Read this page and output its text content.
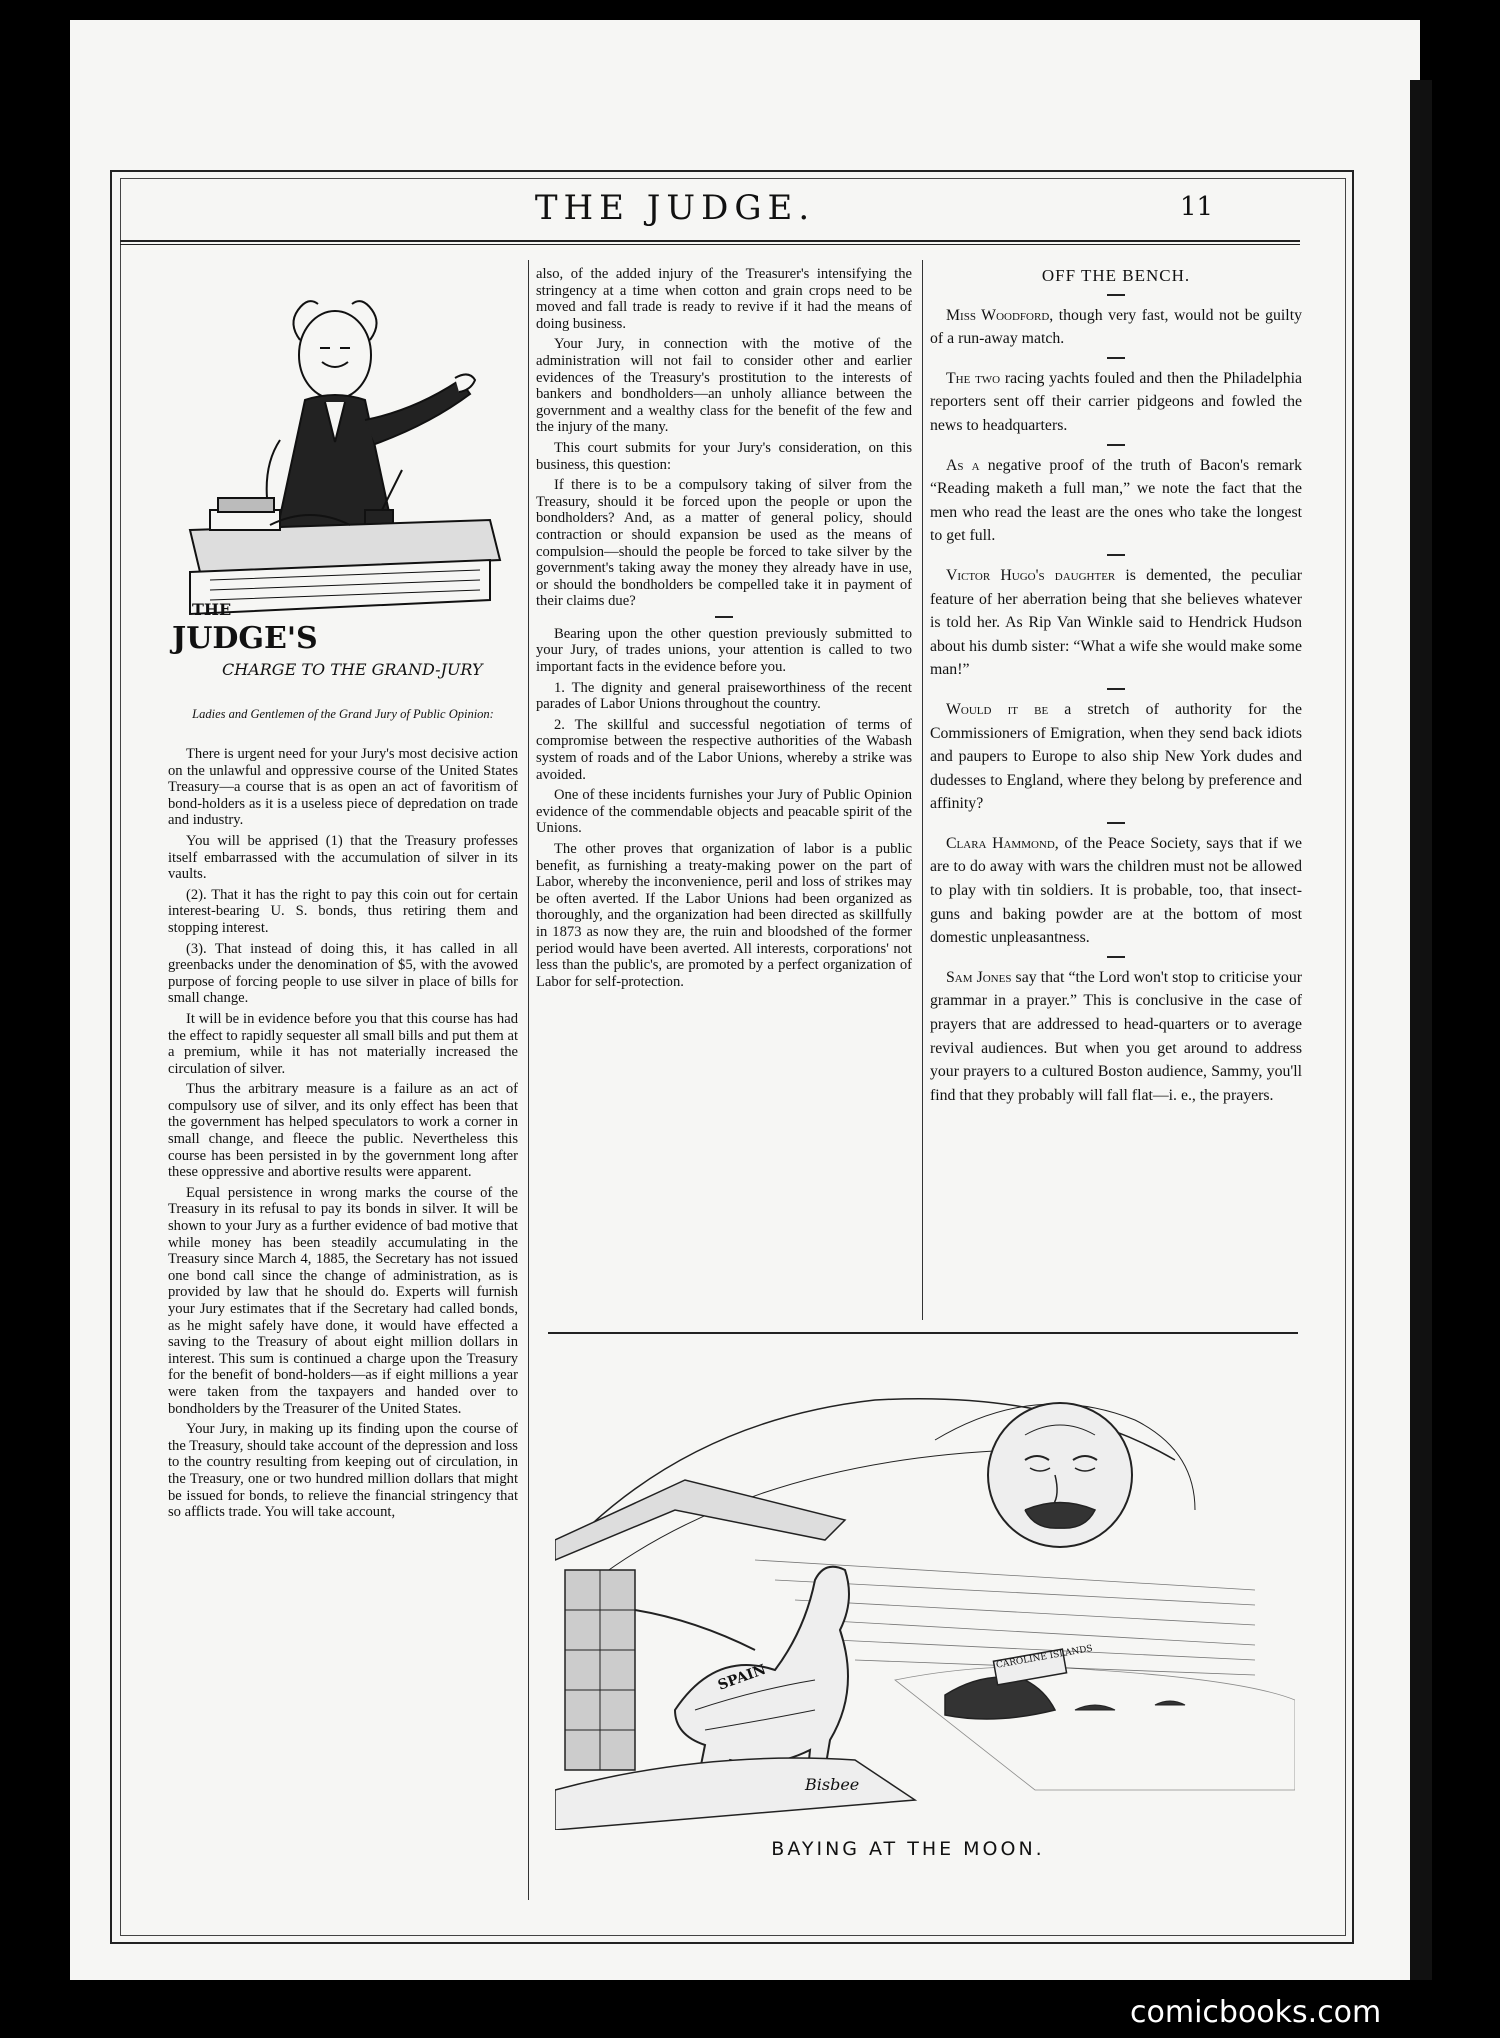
THE JUDGE.	11
THE
JUDGE'S
CHARGE TO THE GRAND-JURY

Ladies and Gentlemen of the Grand Jury of Public Opinion:

There is urgent need for your Jury's most decisive action on the unlawful and oppressive course of the United States Treasury—a course that is as open an act of favoritism of bond-holders as it is a useless piece of depredation on trade and industry.

You will be apprised (1) that the Treasury professes itself embarrassed with the accumulation of silver in its vaults.

(2). That it has the right to pay this coin out for certain interest-bearing U. S. bonds, thus retiring them and stopping interest.

(3). That instead of doing this, it has called in all greenbacks under the denomination of $5, with the avowed purpose of forcing people to use silver in place of bills for small change.

It will be in evidence before you that this course has had the effect to rapidly sequester all small bills and put them at a premium, while it has not materially increased the circulation of silver.

Thus the arbitrary measure is a failure as an act of compulsory use of silver, and its only effect has been that the government has helped speculators to work a corner in small change, and fleece the public. Nevertheless this course has been persisted in by the government long after these oppressive and abortive results were apparent.

Equal persistence in wrong marks the course of the Treasury in its refusal to pay its bonds in silver. It will be shown to your Jury as a further evidence of bad motive that while money has been steadily accumulating in the Treasury since March 4, 1885, the Secretary has not issued one bond call since the change of administration, as is provided by law that he should do. Experts will furnish your Jury estimates that if the Secretary had called bonds, as he might safely have done, it would have effected a saving to the Treasury of about eight million dollars in interest. This sum is continued a charge upon the Treasury for the benefit of bond-holders—as if eight millions a year were taken from the taxpayers and handed over to bondholders by the Treasurer of the United States.

Your Jury, in making up its finding upon the course of the Treasury, should take account of the depression and loss to the country resulting from keeping out of circulation, in the Treasury, one or two hundred million dollars that might be issued for bonds, to relieve the financial stringency that so afflicts trade. You will take account,

also, of the added injury of the Treasurer's intensifying the stringency at a time when cotton and grain crops need to be moved and fall trade is ready to revive if it had the means of doing business.

Your Jury, in connection with the motive of the administration will not fail to consider other and earlier evidences of the Treasury's prostitution to the interests of bankers and bondholders—an unholy alliance between the government and a wealthy class for the benefit of the few and the injury of the many.

This court submits for your Jury's consideration, on this business, this question:

If there is to be a compulsory taking of silver from the Treasury, should it be forced upon the people or upon the bondholders? And, as a matter of general policy, should contraction or should expansion be used as the means of compulsion—should the people be forced to take silver by the government's taking away the money they already have in use, or should the bondholders be compelled take it in payment of their claims due?

Bearing upon the other question previously submitted to your Jury, of trades unions, your attention is called to two important facts in the evidence before you.

1. The dignity and general praiseworthiness of the recent parades of Labor Unions throughout the country.

2. The skillful and successful negotiation of terms of compromise between the respective authorities of the Wabash system of roads and of the Labor Unions, whereby a strike was avoided.

One of these incidents furnishes your Jury of Public Opinion evidence of the commendable objects and peacable spirit of the Unions.

The other proves that organization of labor is a public benefit, as furnishing a treaty-making power on the part of Labor, whereby the inconvenience, peril and loss of strikes may be often averted. If the Labor Unions had been organized as thoroughly, and the organization had been directed as skillfully in 1873 as now they are, the ruin and bloodshed of the former period would have been averted. All interests, corporations' not less than the public's, are promoted by a perfect organization of Labor for self-protection.

OFF THE BENCH.

Miss Woodford, though very fast, would not be guilty of a run-away match.

The two racing yachts fouled and then the Philadelphia reporters sent off their carrier pidgeons and fowled the news to headquarters.

As a negative proof of the truth of Bacon's remark “Reading maketh a full man,” we note the fact that the men who read the least are the ones who take the longest to get full.

Victor Hugo's daughter is demented, the peculiar feature of her aberration being that she believes whatever is told her. As Rip Van Winkle said to Hendrick Hudson about his dumb sister: “What a wife she would make some man!”

Would it be a stretch of authority for the Commissioners of Emigration, when they send back idiots and paupers to Europe to also ship New York dudes and dudesses to England, where they belong by preference and affinity?

Clara Hammond, of the Peace Society, says that if we are to do away with wars the children must not be allowed to play with tin soldiers. It is probable, too, that insect-guns and baking powder are at the bottom of most domestic unpleasantness.

Sam Jones say that “the Lord won't stop to criticise your grammar in a prayer.” This is conclusive in the case of prayers that are addressed to head-quarters or to average revival audiences. But when you get around to address your prayers to a cultured Boston audience, Sammy, you'll find that they probably will fall flat—i. e., the prayers.

SPAIN
CAROLINE ISLANDS
Bisbee
BAYING AT THE MOON.
comicbooks.com
